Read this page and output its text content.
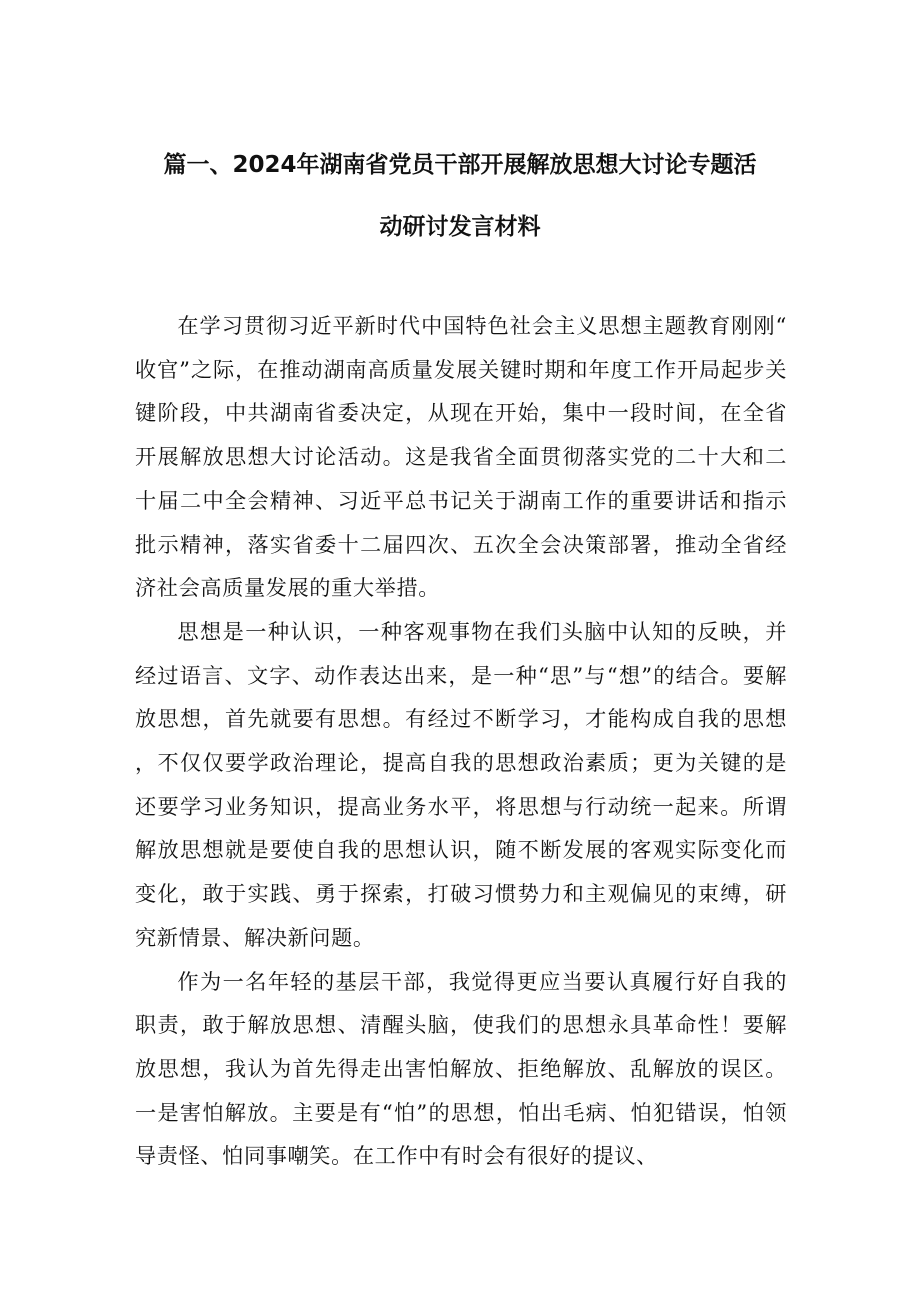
篇一、2024年湖南省党员干部开展解放思想大讨论专题活
动研讨发言材料

在学习贯彻习近平新时代中国特色社会主义思想主题教育刚刚“收官”之际，在推动湖南高质量发展关键时期和年度工作开局起步关键阶段，中共湖南省委决定，从现在开始，集中一段时间，在全省开展解放思想大讨论活动。这是我省全面贯彻落实党的二十大和二十届二中全会精神、习近平总书记关于湖南工作的重要讲话和指示批示精神，落实省委十二届四次、五次全会决策部署，推动全省经济社会高质量发展的重大举措。

思想是一种认识，一种客观事物在我们头脑中认知的反映，并经过语言、文字、动作表达出来，是一种“思”与“想”的结合。要解放思想，首先就要有思想。有经过不断学习，才能构成自我的思想，不仅仅要学政治理论，提高自我的思想政治素质；更为关键的是还要学习业务知识，提高业务水平，将思想与行动统一起来。所谓解放思想就是要使自我的思想认识，随不断发展的客观实际变化而变化，敢于实践、勇于探索，打破习惯势力和主观偏见的束缚，研究新情景、解决新问题。

作为一名年轻的基层干部，我觉得更应当要认真履行好自我的职责，敢于解放思想、清醒头脑，使我们的思想永具革命性！要解放思想，我认为首先得走出害怕解放、拒绝解放、乱解放的误区。一是害怕解放。主要是有“怕”的思想，怕出毛病、怕犯错误，怕领导责怪、怕同事嘲笑。在工作中有时会有很好的提议、
